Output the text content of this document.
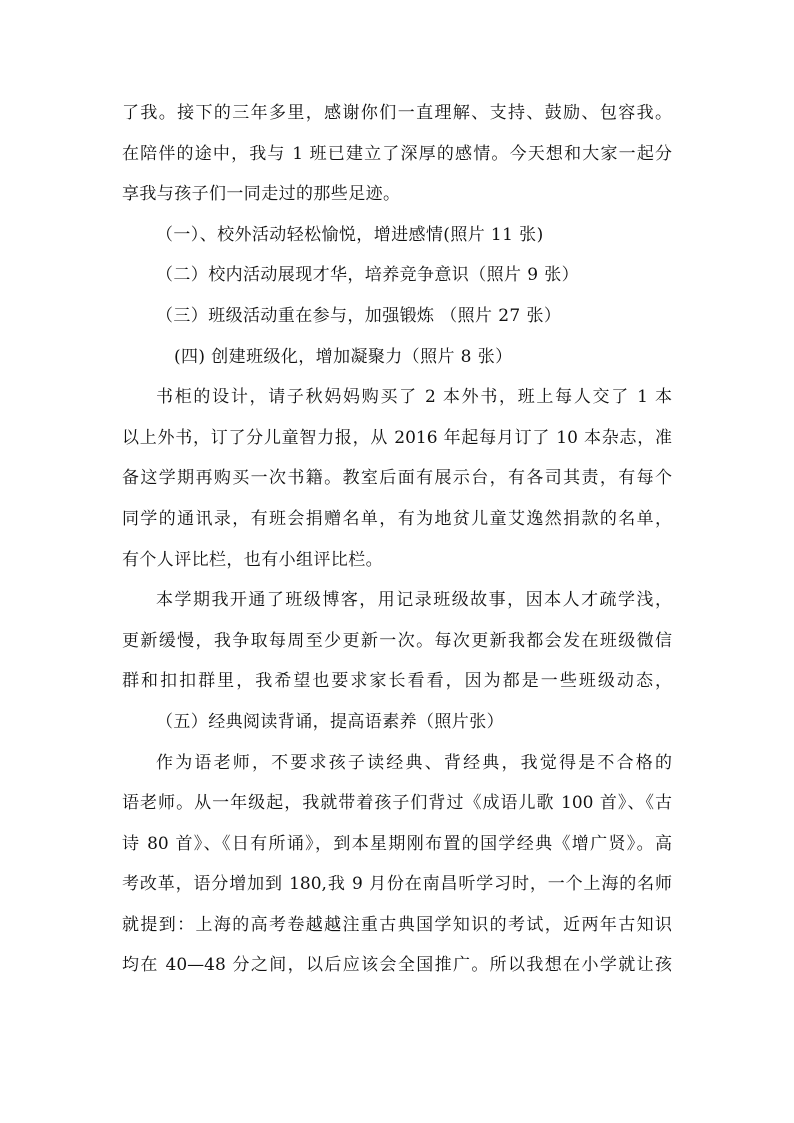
了我。接下的三年多里，感谢你们一直理解、支持、鼓励、包容我。
在陪伴的途中，我与 1 班已建立了深厚的感情。今天想和大家一起分
享我与孩子们一同走过的那些足迹。
（一）、校外活动轻松愉悦，增进感情(照片 11 张)
（二）校内活动展现才华，培养竞争意识（照片 9 张）
（三）班级活动重在参与，加强锻炼 （照片 27 张）
(四) 创建班级化，增加凝聚力（照片 8 张）
书柜的设计，请子秋妈妈购买了 2 本外书，班上每人交了 1 本
以上外书，订了分儿童智力报，从 2016 年起每月订了 10 本杂志，准
备这学期再购买一次书籍。教室后面有展示台，有各司其责，有每个
同学的通讯录，有班会捐赠名单，有为地贫儿童艾逸然捐款的名单，
有个人评比栏，也有小组评比栏。
本学期我开通了班级博客，用记录班级故事，因本人才疏学浅，
更新缓慢，我争取每周至少更新一次。每次更新我都会发在班级微信
群和扣扣群里，我希望也要求家长看看，因为都是一些班级动态，
（五）经典阅读背诵，提高语素养（照片张）
作为语老师，不要求孩子读经典、背经典，我觉得是不合格的
语老师。从一年级起，我就带着孩子们背过《成语儿歌 100 首》、《古
诗 80 首》、《日有所诵》，到本星期刚布置的国学经典《增广贤》。高
考改革，语分增加到 180,我 9 月份在南昌听学习时，一个上海的名师
就提到：上海的高考卷越越注重古典国学知识的考试，近两年古知识
均在 40—48 分之间，以后应该会全国推广。所以我想在小学就让孩
